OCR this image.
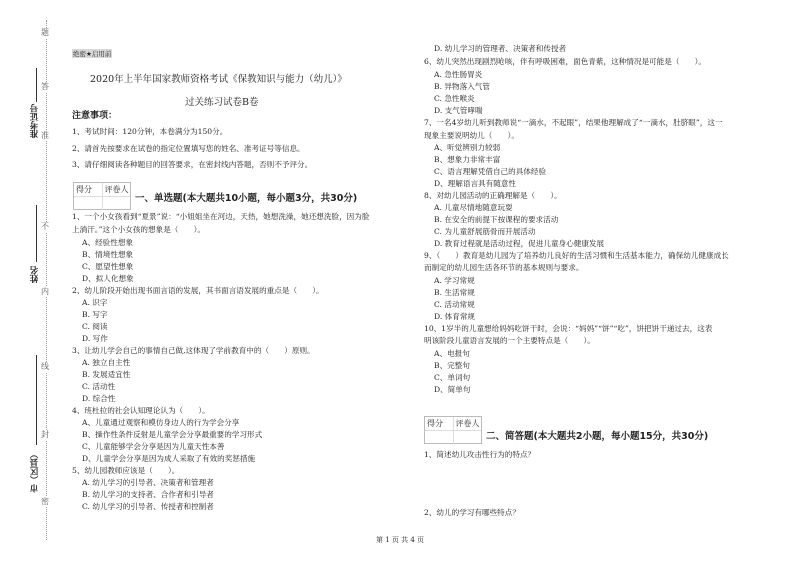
准考证号
姓名
市（区县）
题
答
准
不
内
线
封
密
绝密★启用前
2020年上半年国家教师资格考试《保教知识与能力（幼儿）》
过关练习试卷B卷
注意事项：
1、考试时间：120分钟，本卷满分为150分。
2、请首先按要求在试卷的指定位置填写您的姓名、准考证号等信息。
3、请仔细阅读各种题目的回答要求，在密封线内答题，否则不予评分。
得分	评卷人
一、单选题(本大题共10小题，每小题3分，共30分)
得分	评卷人
二、简答题(本大题共2小题，每小题15分，共30分)
1、简述幼儿攻击性行为的特点？
2、幼儿的学习有哪些特点？
1、一个小女孩看到“夏景”说：“小姐姐坐在河边，天热，她想洗澡，她还想洗脸，因为脸
上淌汗。”这个小女孩的想象是（　　）。
A、经验性想象
B、情境性想象
C、愿望性想象
D、拟人化想象
2、幼儿阶段开始出现书面言语的发展，其书面言语发展的重点是（　　）。
A. 识字
B. 写字
C. 阅读
D. 写作
3、让幼儿学会自己的事情自己做,这体现了学前教育中的（　　）原则。
A. 独立自主性
B. 发展适宜性
C. 活动性
D. 综合性
4、班杜拉的社会认知理论认为（　　）。
A、儿童通过观察和模仿身边人的行为学会分享
B、操作性条件反射是儿童学会分享最重要的学习形式
C、儿童能够学会分享是因为儿童天性本善
D、儿童学会分享是因为成人采取了有效的奖惩措施
5、幼儿园教师应该是（　　）。
A. 幼儿学习的引导者、决策者和管理者
B. 幼儿学习的支持者、合作者和引导者
C. 幼儿学习的引导者、传授者和控制者
D. 幼儿学习的管理者、决策者和传授者
6、幼儿突然出现剧烈呛咳，伴有呼吸困难，面色青紫，这种情况是可能是（　　）。
A. 急性肠胃炎
B. 异物落入气管
C. 急性喉炎
D. 支气管哮喘
7、一名4岁幼儿听到教师说“一滴水，不起眼”，结果他理解成了“一滴水，肚脐眼”，这一
现象主要说明幼儿（　　）。
A、听觉辨别力较弱
B、想象力非常丰富
C、语言理解凭借自己的具体经验
D、理解语言具有随意性
8、对幼儿园活动的正确理解是（　　）。
A. 儿童尽情地随意玩耍
B. 在安全的前提下按课程的要求活动
C. 为儿童舒展筋骨而开展活动
D. 教育过程就是活动过程，促进儿童身心健康发展
9、（　　）教育是幼儿园为了培养幼儿良好的生活习惯和生活基本能力，确保幼儿健康成长
而制定的幼儿园生活各环节的基本规则与要求。
A. 学习常规
B. 生活常规
C. 活动常规
D. 体育常规
10、1岁半的儿童想给妈妈吃饼干时，会说：“妈妈”“饼”“吃”，饼把饼干递过去，这表
明该阶段儿童语言发展的一个主要特点是（　　）。
A、电报句
B、完整句
C、单词句
D、简单句
第 1 页 共 4 页
